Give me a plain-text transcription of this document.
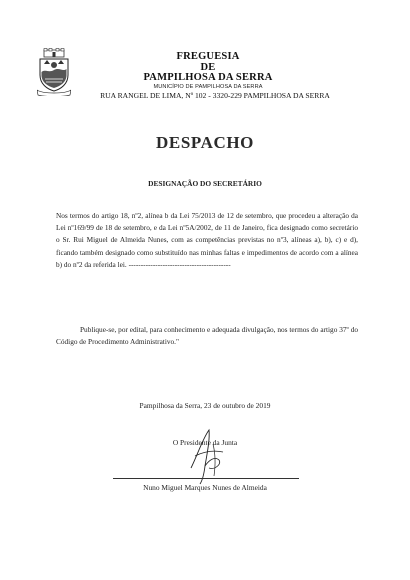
FREGUESIA
DE
PAMPILHOSA DA SERRA
MUNICÍPIO DE PAMPILHOSA DA SERRA
RUA RANGEL DE LIMA, Nº 102 - 3320-229 PAMPILHOSA DA SERRA
DESPACHO
DESIGNAÇÃO DO SECRETÁRIO
Nos termos do artigo 18, nº2, alínea b da Lei 75/2013 de 12 de setembro, que procedeu a alteração da Lei nº169/99 de 18 de setembro, e da Lei nº5A/2002, de 11 de Janeiro, fica designado como secretário o Sr. Rui Miguel de Almeida Nunes, com as competências previstas no nº3, alíneas a), b), c) e d), ficando também designado como substituído nas minhas faltas e impedimentos de acordo com a alínea b) do nº2 da referida lei. ------------------------------------------
Publique-se, por edital, para conhecimento e adequada divulgação, nos termos do artigo 37º do Código de Procedimento Administrativo."
Pampilhosa da Serra, 23 de outubro de 2019
O Presidente da Junta
Nuno Miguel Marques Nunes de Almeida
